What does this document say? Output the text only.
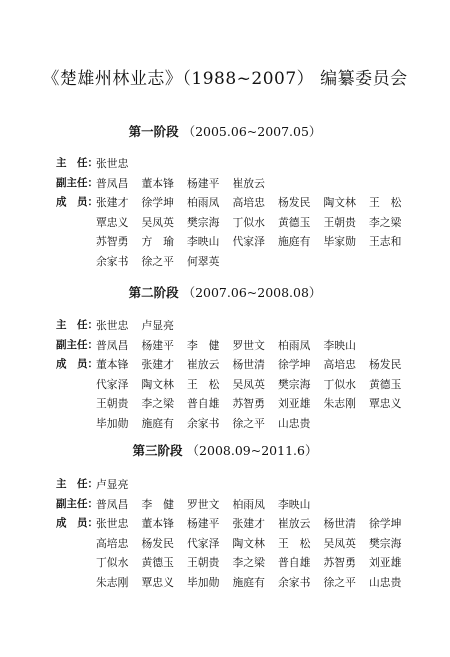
《楚雄州林业志》（1988~2007） 编纂委员会
第一阶段 （2005.06~2007.05）
主　任：
张世忠
副主任：
普凤昌 董本锋 杨建平 崔放云
成　员：
张建才 徐学坤 柏雨凤 高培忠 杨发民 陶文林 王　松
覃忠义 吴凤英 樊宗海 丁似水 黄德玉 王朝贵 李之梁
苏智勇 方　瑜 李映山 代家泽 施庭有 毕家勋 王志和
余家书 徐之平 何翠英
第二阶段 （2007.06~2008.08）
主　任：
张世忠 卢显亮
副主任：
普凤昌 杨建平 李　健 罗世文 柏雨凤 李映山
成　员：
董本锋 张建才 崔放云 杨世清 徐学坤 高培忠 杨发民
代家泽 陶文林 王　松 吴凤英 樊宗海 丁似水 黄德玉
王朝贵 李之梁 普自雄 苏智勇 刘亚雄 朱志刚 覃忠义
毕加勋 施庭有 余家书 徐之平 山忠贵
第三阶段 （2008.09~2011.6）
主　任：
卢显亮
副主任：
普凤昌 李　健 罗世文 柏雨凤 李映山
成　员：
张世忠 董本锋 杨建平 张建才 崔放云 杨世清 徐学坤
高培忠 杨发民 代家泽 陶文林 王　松 吴凤英 樊宗海
丁似水 黄德玉 王朝贵 李之梁 普自雄 苏智勇 刘亚雄
朱志刚 覃忠义 毕加勋 施庭有 余家书 徐之平 山忠贵
